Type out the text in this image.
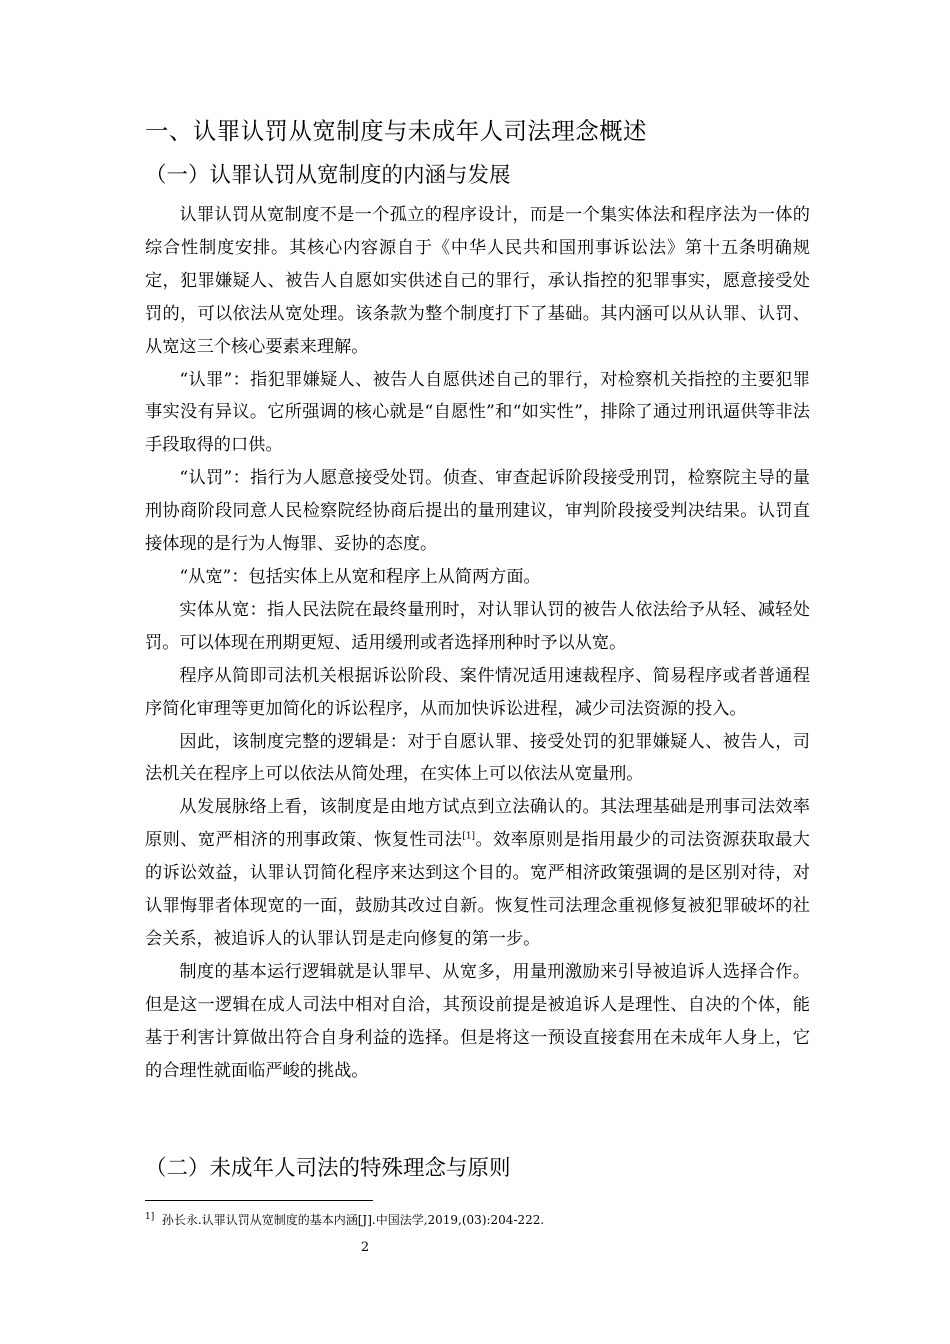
一、认罪认罚从宽制度与未成年人司法理念概述
（一）认罪认罚从宽制度的内涵与发展

认罪认罚从宽制度不是一个孤立的程序设计，而是一个集实体法和程序法为一体的综合性制度安排。其核心内容源自于《中华人民共和国刑事诉讼法》第十五条明确规定，犯罪嫌疑人、被告人自愿如实供述自己的罪行，承认指控的犯罪事实，愿意接受处罚的，可以依法从宽处理。该条款为整个制度打下了基础。其内涵可以从认罪、认罚、从宽这三个核心要素来理解。

“认罪”：指犯罪嫌疑人、被告人自愿供述自己的罪行，对检察机关指控的主要犯罪事实没有异议。它所强调的核心就是“自愿性”和“如实性”，排除了通过刑讯逼供等非法手段取得的口供。

“认罚”：指行为人愿意接受处罚。侦查、审查起诉阶段接受刑罚，检察院主导的量刑协商阶段同意人民检察院经协商后提出的量刑建议，审判阶段接受判决结果。认罚直接体现的是行为人悔罪、妥协的态度。

“从宽”：包括实体上从宽和程序上从简两方面。

实体从宽：指人民法院在最终量刑时，对认罪认罚的被告人依法给予从轻、减轻处罚。可以体现在刑期更短、适用缓刑或者选择刑种时予以从宽。

程序从简即司法机关根据诉讼阶段、案件情况适用速裁程序、简易程序或者普通程序简化审理等更加简化的诉讼程序，从而加快诉讼进程，减少司法资源的投入。

因此，该制度完整的逻辑是：对于自愿认罪、接受处罚的犯罪嫌疑人、被告人，司法机关在程序上可以依法从简处理，在实体上可以依法从宽量刑。

从发展脉络上看，该制度是由地方试点到立法确认的。其法理基础是刑事司法效率原则、宽严相济的刑事政策、恢复性司法[1]。效率原则是指用最少的司法资源获取最大的诉讼效益，认罪认罚简化程序来达到这个目的。宽严相济政策强调的是区别对待，对认罪悔罪者体现宽的一面，鼓励其改过自新。恢复性司法理念重视修复被犯罪破坏的社会关系，被追诉人的认罪认罚是走向修复的第一步。

制度的基本运行逻辑就是认罪早、从宽多，用量刑激励来引导被追诉人选择合作。但是这一逻辑在成人司法中相对自洽，其预设前提是被追诉人是理性、自决的个体，能基于利害计算做出符合自身利益的选择。但是将这一预设直接套用在未成年人身上，它的合理性就面临严峻的挑战。

（二）未成年人司法的特殊理念与原则
$^{1]}$ 孙长永.认罪认罚从宽制度的基本内涵[J].中国法学,2019,(03):204-222.
2
